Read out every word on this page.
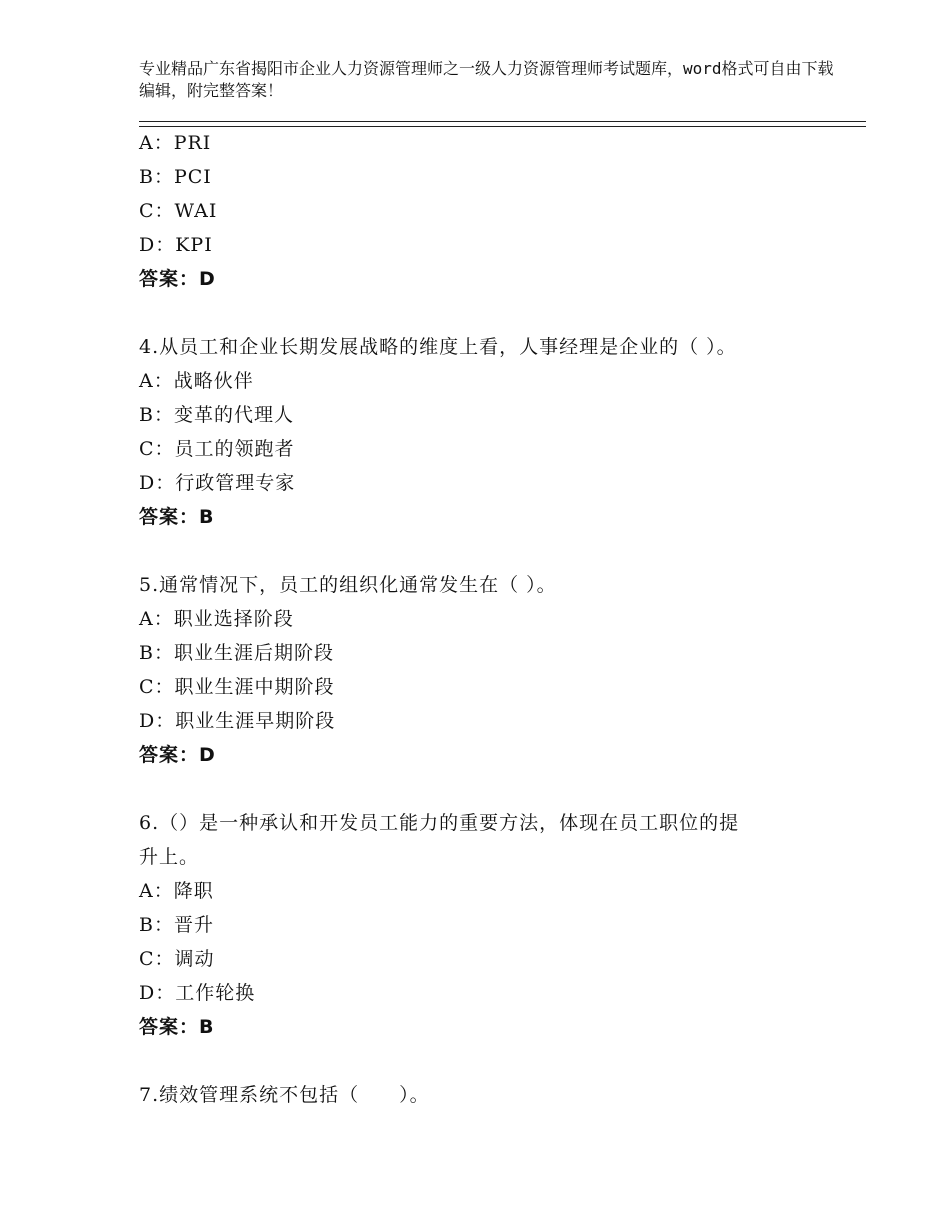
专业精品广东省揭阳市企业人力资源管理师之一级人力资源管理师考试题库，word格式可自由下载编辑，附完整答案！
A：PRI
B：PCI
C：WAI
D：KPI
答案：D
4.从员工和企业长期发展战略的维度上看，人事经理是企业的（ ）。
A：战略伙伴
B：变革的代理人
C：员工的领跑者
D：行政管理专家
答案：B
5.通常情况下，员工的组织化通常发生在（ ）。
A：职业选择阶段
B：职业生涯后期阶段
C：职业生涯中期阶段
D：职业生涯早期阶段
答案：D
6.（）是一种承认和开发员工能力的重要方法，体现在员工职位的提
升上。
A：降职
B：晋升
C：调动
D：工作轮换
答案：B
7.绩效管理系统不包括（　　）。
